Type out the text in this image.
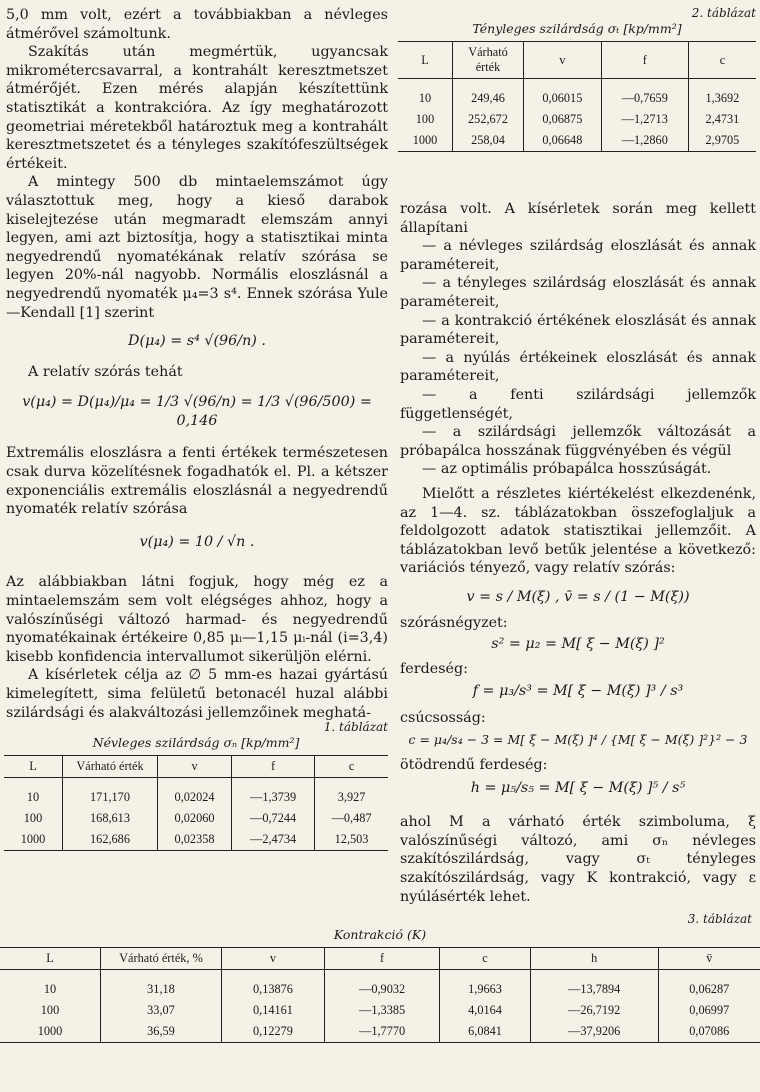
5,0 mm volt, ezért a továbbiakban a névleges átmérővel számoltunk.

Szakítás után megmértük, ugyancsak mikrométercsavarral, a kontrahált keresztmetszet átmérőjét. Ezen mérés alapján készítettünk statisztikát a kontrakcióra. Az így meghatározott geometriai méretekből határoztuk meg a kontrahált keresztmetszetet és a tényleges szakítófeszültségek értékeit.

A mintegy 500 db mintaelemszámot úgy választottuk meg, hogy a kieső darabok kiselejtezése után megmaradt elemszám annyi legyen, ami azt biztosítja, hogy a statisztikai minta negyedrendű nyomatékának relatív szórása se legyen 20%-nál nagyobb. Normális eloszlásnál a negyedrendű nyomaték μ₄=3 s⁴. Ennek szórása Yule—Kendall [1] szerint

D(μ₄) = s⁴ √(96/n) .

A relatív szórás tehát

v(μ₄) = D(μ₄)/μ₄ = 1/3 √(96/n) = 1/3 √(96/500) = 0,146

Extremális eloszlásra a fenti értékek természetesen csak durva közelítésnek fogadhatók el. Pl. a kétszer exponenciális extremális eloszlásnál a negyedrendű nyomaték relatív szórása

v(μ₄) = 10 / √n .

Az alábbiakban látni fogjuk, hogy még ez a mintaelemszám sem volt elégséges ahhoz, hogy a valószínűségi változó harmad- és negyedrendű nyomatékainak értékeire 0,85 μᵢ—1,15 μᵢ-nál (i=3,4) kisebb konfidencia intervallumot sikerüljön elérni.

A kísérletek célja az ∅ 5 mm-es hazai gyártású kimelegített, sima felületű betonacél huzal alábbi szilárdsági és alakváltozási jellemzőinek meghatá-

1. táblázat
Névleges szilárdság σₙ [kp/mm²]
L	Várható érték	v	f	c
10	171,170	0,02024	—1,3739	3,927
100	168,613	0,02060	—0,7244	—0,487
1000	162,686	0,02358	—2,4734	12,503
2. táblázat
Tényleges szilárdság σₜ [kp/mm²]
L	Várható érték	v	f	c
10	249,46	0,06015	—0,7659	1,3692
100	252,672	0,06875	—1,2713	2,4731
1000	258,04	0,06648	—1,2860	2,9705

rozása volt. A kísérletek során meg kellett állapítani

— a névleges szilárdság eloszlását és annak paramétereit,

— a tényleges szilárdság eloszlását és annak paramétereit,

— a kontrakció értékének eloszlását és annak paramétereit,

— a nyúlás értékeinek eloszlását és annak paramétereit,

— a fenti szilárdsági jellemzők függetlenségét,

— a szilárdsági jellemzők változását a próbapálca hosszának függvényében és végül

— az optimális próbapálca hosszúságát.

Mielőtt a részletes kiértékelést elkezdenénk, az 1—4. sz. táblázatokban összefoglaljuk a feldolgozott adatok statisztikai jellemzőit. A táblázatokban levő betűk jelentése a következő: variációs tényező, vagy relatív szórás:

v = s / M(ξ) , v̄ = s / (1 − M(ξ))

szórásnégyzet:

s² = μ₂ = M[ ξ − M(ξ) ]²

ferdeség:

f = μ₃/s³ = M[ ξ − M(ξ) ]³ / s³

csúcsosság:

c = μ₄/s₄ − 3 = M[ ξ − M(ξ) ]⁴ / {M[ ξ − M(ξ) ]²}² − 3

ötödrendű ferdeség:

h = μ₅/s₅ = M[ ξ − M(ξ) ]⁵ / s⁵

ahol M a várható érték szimboluma, ξ valószínűségi változó, ami σₙ névleges szakítószilárdság, vagy σₜ tényleges szakítószilárdság, vagy K kontrakció, vagy ε nyúlásérték lehet.

3. táblázat
Kontrakció (K)
L	Várható érték, %	v	f	c	h	v̄
10	31,18	0,13876	—0,9032	1,9663	—13,7894	0,06287
100	33,07	0,14161	—1,3385	4,0164	—26,7192	0,06997
1000	36,59	0,12279	—1,7770	6,0841	—37,9206	0,07086
